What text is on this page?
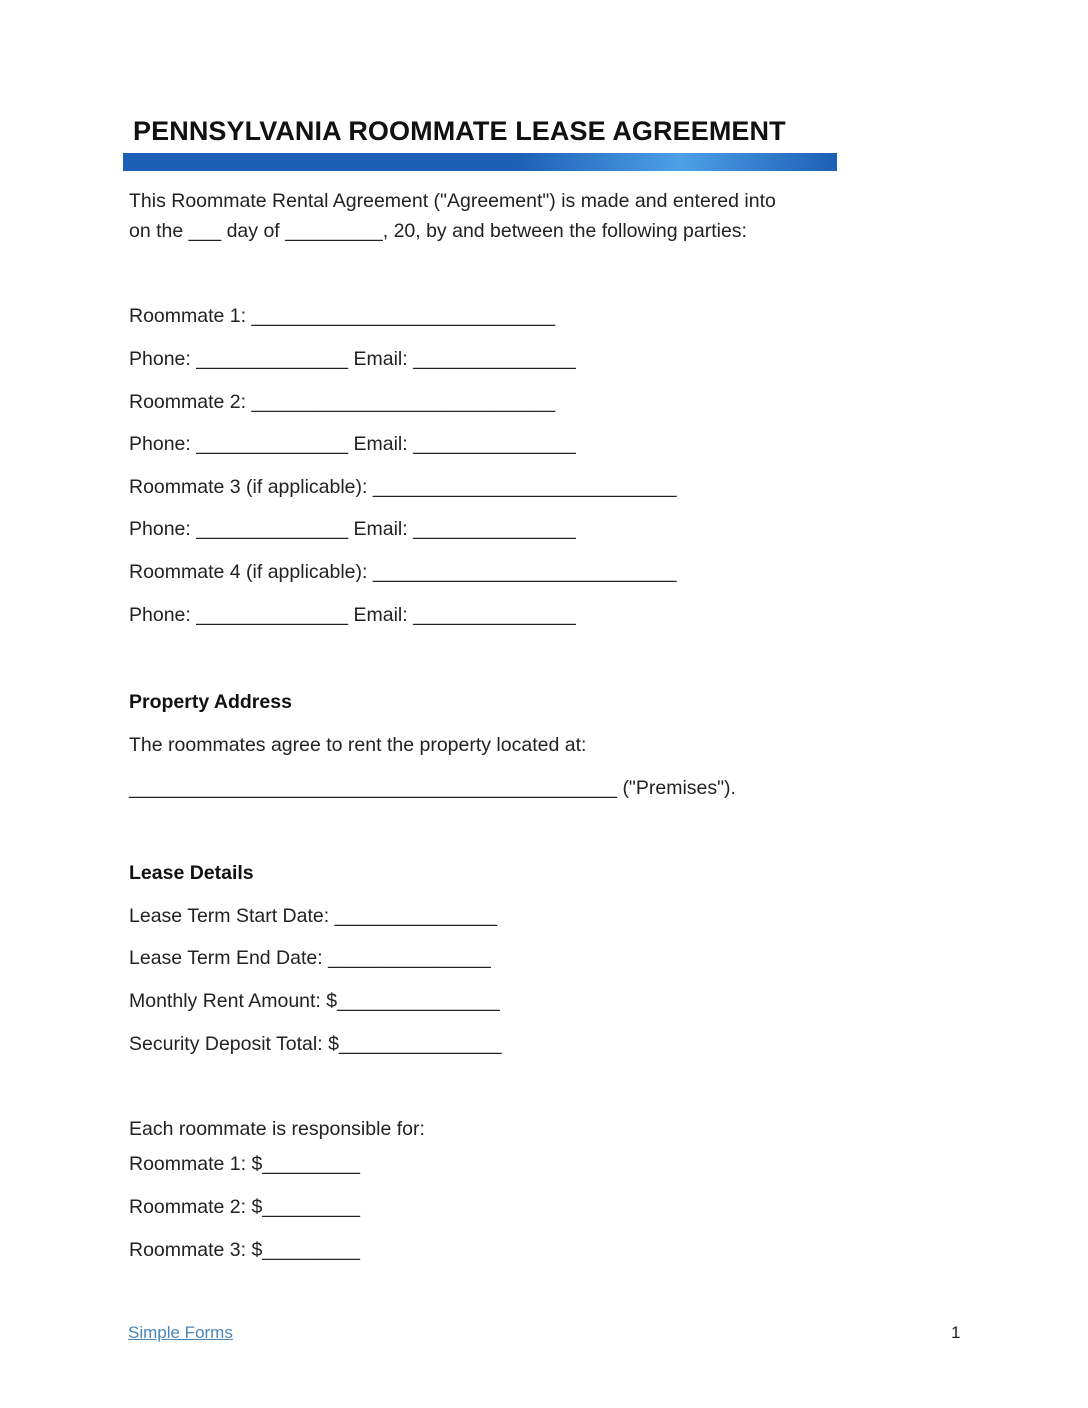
PENNSYLVANIA ROOMMATE LEASE AGREEMENT
This Roommate Rental Agreement ("Agreement") is made and entered into
on the ___ day of _________, 20, by and between the following parties:
Roommate 1: ____________________________
Phone: ______________ Email: _______________
Roommate 2: ____________________________
Phone: ______________ Email: _______________
Roommate 3 (if applicable): ____________________________
Phone: ______________ Email: _______________
Roommate 4 (if applicable): ____________________________
Phone: ______________ Email: _______________
Property Address
The roommates agree to rent the property located at:
_____________________________________________ ("Premises").
Lease Details
Lease Term Start Date: _______________
Lease Term End Date: _______________
Monthly Rent Amount: $_______________
Security Deposit Total: $_______________
Each roommate is responsible for:
Roommate 1: $_________
Roommate 2: $_________
Roommate 3: $_________
Simple Forms	1
